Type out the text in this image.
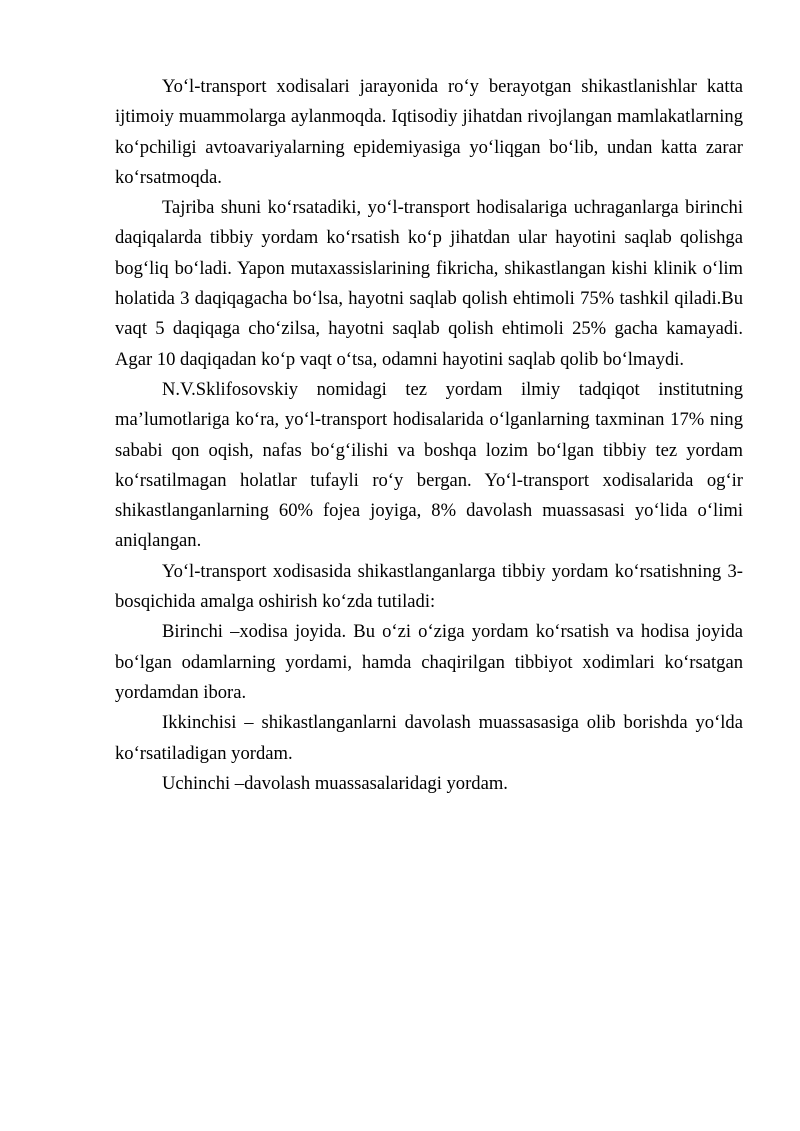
Yo‘l-transport xodisalari jarayonida ro‘y berayotgan shikastlanishlar katta ijtimoiy muammolarga aylanmoqda. Iqtisodiy jihatdan rivojlangan mamlakatlarning ko‘pchiligi avtoavariyalarning epidemiyasiga yo‘liqgan bo‘lib, undan katta zarar ko‘rsatmoqda.

Tajriba shuni ko‘rsatadiki, yo‘l-transport hodisalariga uchraganlarga birinchi daqiqalarda tibbiy yordam ko‘rsatish ko‘p jihatdan ular hayotini saqlab qolishga bog‘liq bo‘ladi. Yapon mutaxassislarining fikricha, shikastlangan kishi klinik o‘lim holatida 3 daqiqagacha bo‘lsa, hayotni saqlab qolish ehtimoli 75% tashkil qiladi.Bu vaqt 5 daqiqaga cho‘zilsa, hayotni saqlab qolish ehtimoli 25% gacha kamayadi. Agar 10 daqiqadan ko‘p vaqt o‘tsa, odamni hayotini saqlab qolib bo‘lmaydi.

N.V.Sklifosovskiy nomidagi tez yordam ilmiy tadqiqot institutning ma’lumotlariga ko‘ra, yo‘l-transport hodisalarida o‘lganlarning taxminan 17% ning sababi qon oqish, nafas bo‘g‘ilishi va boshqa lozim bo‘lgan tibbiy tez yordam ko‘rsatilmagan holatlar tufayli ro‘y bergan. Yo‘l-transport xodisalarida og‘ir shikastlanganlarning 60% fojea joyiga, 8% davolash muassasasi yo‘lida o‘limi aniqlangan.

Yo‘l-transport xodisasida shikastlanganlarga tibbiy yordam ko‘rsatishning 3-bosqichida amalga oshirish ko‘zda tutiladi:

Birinchi –xodisa joyida. Bu o‘zi o‘ziga yordam ko‘rsatish va hodisa joyida bo‘lgan odamlarning yordami, hamda chaqirilgan tibbiyot xodimlari ko‘rsatgan yordamdan ibora.

Ikkinchisi – shikastlanganlarni davolash muassasasiga olib borishda yo‘lda ko‘rsatiladigan yordam.

Uchinchi –davolash muassasalaridagi yordam.
